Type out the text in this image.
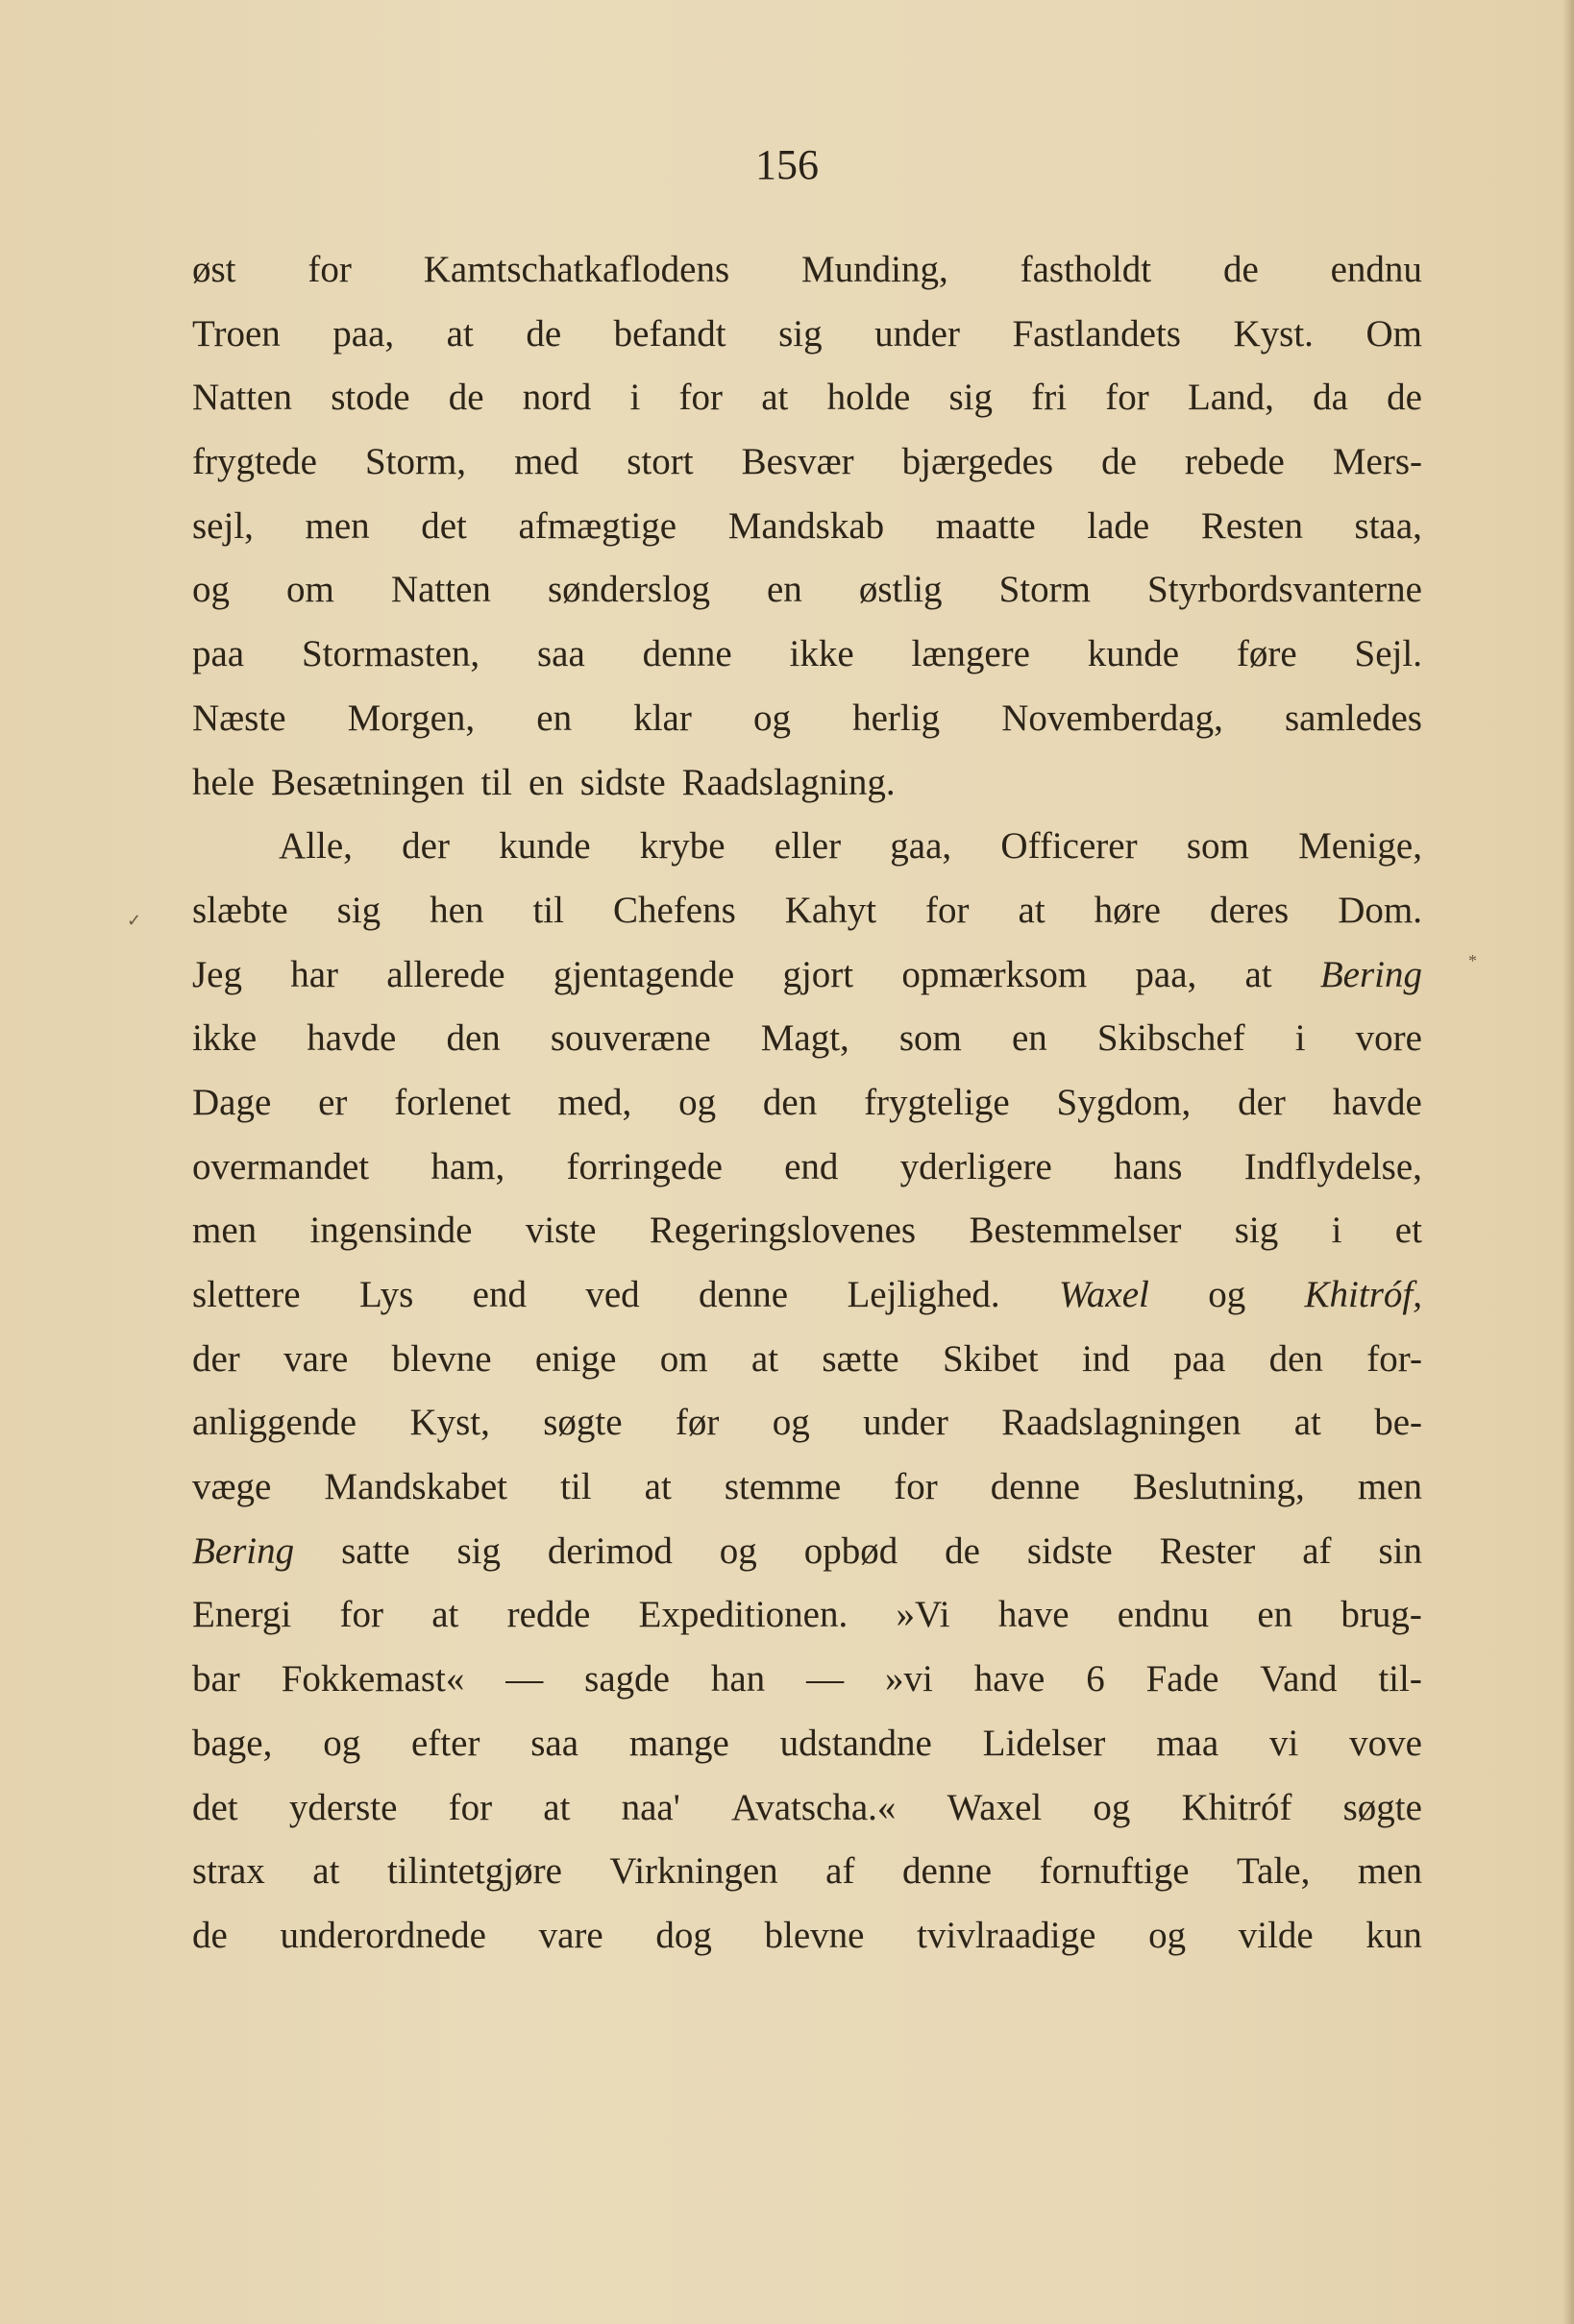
156
øst for Kamtschatkaflodens Munding, fastholdt de endnu
Troen paa, at de befandt sig under Fastlandets Kyst. Om
Natten stode de nord i for at holde sig fri for Land, da de
frygtede Storm, med stort Besvær bjærgedes de rebede Mers-
sejl, men det afmægtige Mandskab maatte lade Resten staa,
og om Natten sønderslog en østlig Storm Styrbordsvanterne
paa Stormasten, saa denne ikke længere kunde føre Sejl.
Næste Morgen, en klar og herlig Novemberdag, samledes
hele Besætningen til en sidste Raadslagning.
Alle, der kunde krybe eller gaa, Officerer som Menige,
slæbte sig hen til Chefens Kahyt for at høre deres Dom.
Jeg har allerede gjentagende gjort opmærksom paa, at Bering
ikke havde den souveræne Magt, som en Skibschef i vore
Dage er forlenet med, og den frygtelige Sygdom, der havde
overmandet ham, forringede end yderligere hans Indflydelse,
men ingensinde viste Regeringslovenes Bestemmelser sig i et
slettere Lys end ved denne Lejlighed. Waxel og Khitróf,
der vare blevne enige om at sætte Skibet ind paa den for-
anliggende Kyst, søgte før og under Raadslagningen at be-
væge Mandskabet til at stemme for denne Beslutning, men
Bering satte sig derimod og opbød de sidste Rester af sin
Energi for at redde Expeditionen. »Vi have endnu en brug-
bar Fokkemast« — sagde han — »vi have 6 Fade Vand til-
bage, og efter saa mange udstandne Lidelser maa vi vove
det yderste for at naa' Avatscha.« Waxel og Khitróf søgte
strax at tilintetgjøre Virkningen af denne fornuftige Tale, men
de underordnede vare dog blevne tvivlraadige og vilde kun
✓
*
